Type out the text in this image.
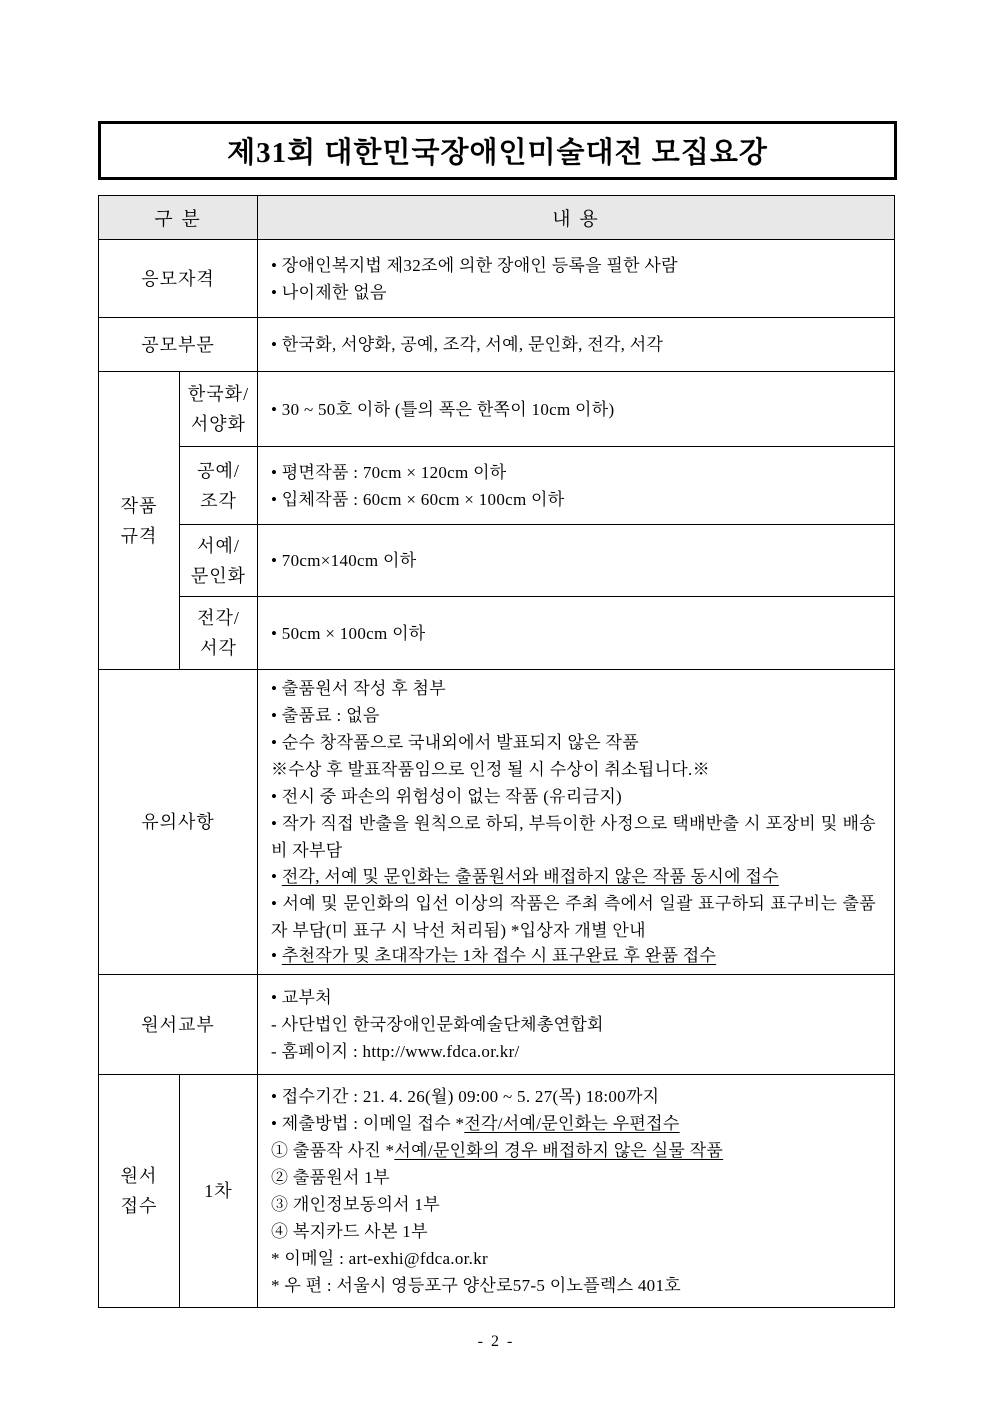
제31회 대한민국장애인미술대전 모집요강
구 분	내 용
응모자격
• 장애인복지법 제32조에 의한 장애인 등록을 필한 사람
• 나이제한 없음
공모부문	• 한국화, 서양화, 공예, 조각, 서예, 문인화, 전각, 서각
작품
규격
한국화/
서양화
• 30 ~ 50호 이하 (틀의 폭은 한쪽이 10cm 이하)
공예/
조각
• 평면작품 : 70cm × 120cm 이하
• 입체작품 : 60cm × 60cm × 100cm 이하
서예/
문인화
• 70cm×140cm 이하
전각/
서각
• 50cm × 100cm 이하
유의사항
• 출품원서 작성 후 첨부
• 출품료 : 없음
• 순수 창작품으로 국내외에서 발표되지 않은 작품
※수상 후 발표작품임으로 인정 될 시 수상이 취소됩니다.※
• 전시 중 파손의 위험성이 없는 작품 (유리금지)
• 작가 직접 반출을 원칙으로 하되, 부득이한 사정으로 택배반출 시 포장비 및 배송비 자부담
• 전각, 서예 및 문인화는 출품원서와 배접하지 않은 작품 동시에 접수
• 서예 및 문인화의 입선 이상의 작품은 주최 측에서 일괄 표구하되 표구비는 출품자 부담(미 표구 시 낙선 처리됨) *입상자 개별 안내
• 추천작가 및 초대작가는 1차 접수 시 표구완료 후 완품 접수
원서교부
• 교부처
- 사단법인 한국장애인문화예술단체총연합회
- 홈페이지 : http://www.fdca.or.kr/
원서
접수
1차
• 접수기간 : 21. 4. 26(월) 09:00 ~ 5. 27(목) 18:00까지
• 제출방법 : 이메일 접수 *전각/서예/문인화는 우편접수
① 출품작 사진 *서예/문인화의 경우 배접하지 않은 실물 작품
② 출품원서 1부
③ 개인정보동의서 1부
④ 복지카드 사본 1부
* 이메일 : art-exhi@fdca.or.kr
* 우 편 : 서울시 영등포구 양산로57-5 이노플렉스 401호
- 2 -
